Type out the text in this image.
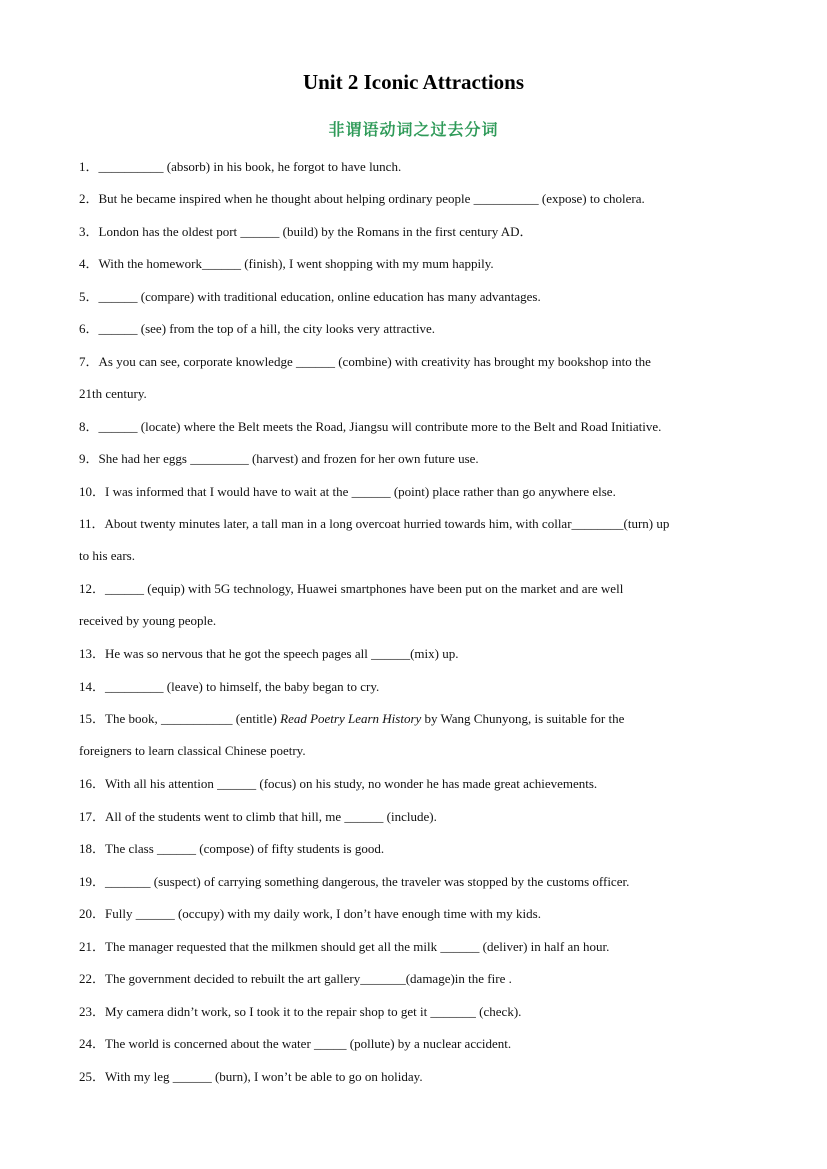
Unit 2 Iconic Attractions
非谓语动词之过去分词
1．__________ (absorb) in his book, he forgot to have lunch.
2．But he became inspired when he thought about helping ordinary people __________ (expose) to cholera.
3．London has the oldest port ______ (build) by the Romans in the first century AD．
4．With the homework______ (finish), I went shopping with my mum happily.
5．______ (compare) with traditional education, online education has many advantages.
6．______ (see) from the top of a hill, the city looks very attractive.
7．As you can see, corporate knowledge ______ (combine) with creativity has brought my bookshop into the
21th century.
8．______ (locate) where the Belt meets the Road, Jiangsu will contribute more to the Belt and Road Initiative.
9．She had her eggs _________ (harvest) and frozen for her own future use.
10．I was informed that I would have to wait at the ______ (point) place rather than go anywhere else.
11．About twenty minutes later, a tall man in a long overcoat hurried towards him, with collar________(turn) up
to his ears.
12．______ (equip) with 5G technology, Huawei smartphones have been put on the market and are well
received by young people.
13．He was so nervous that he got the speech pages all ______(mix) up.
14．_________ (leave) to himself, the baby began to cry.
15．The book, ___________ (entitle) Read Poetry Learn History by Wang Chunyong, is suitable for the
foreigners to learn classical Chinese poetry.
16．With all his attention ______ (focus) on his study, no wonder he has made great achievements.
17．All of the students went to climb that hill, me ______ (include).
18．The class ______ (compose) of fifty students is good.
19．_______ (suspect) of carrying something dangerous, the traveler was stopped by the customs officer.
20．Fully ______ (occupy) with my daily work, I don’t have enough time with my kids.
21．The manager requested that the milkmen should get all the milk ______ (deliver) in half an hour.
22．The government decided to rebuilt the art gallery_______(damage)in the fire .
23．My camera didn’t work, so I took it to the repair shop to get it _______ (check).
24．The world is concerned about the water _____ (pollute) by a nuclear accident.
25．With my leg ______ (burn), I won’t be able to go on holiday.
